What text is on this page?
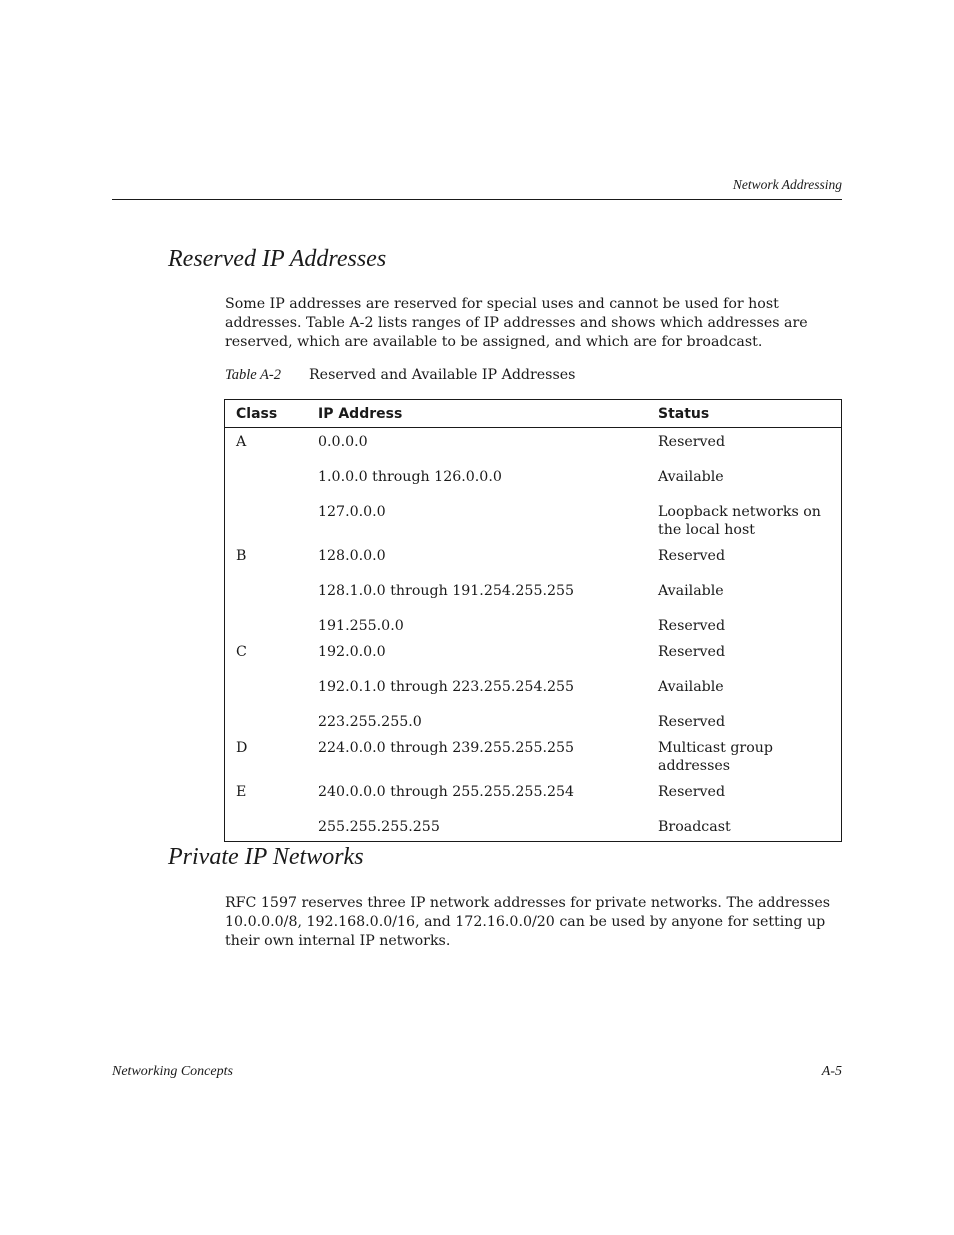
Network Addressing
Reserved IP Addresses

Some IP addresses are reserved for special uses and cannot be used for host addresses. Table A-2 lists ranges of IP addresses and shows which addresses are reserved, which are available to be assigned, and which are for broadcast.

Table A-2 Reserved and Available IP Addresses
Class	IP Address	Status
A	0.0.0.0	Reserved
	1.0.0.0 through 126.0.0.0	Available
	127.0.0.0	Loopback networks on the local host
B	128.0.0.0	Reserved
	128.1.0.0 through 191.254.255.255	Available
	191.255.0.0	Reserved
C	192.0.0.0	Reserved
	192.0.1.0 through 223.255.254.255	Available
	223.255.255.0	Reserved
D	224.0.0.0 through 239.255.255.255	Multicast group addresses
E	240.0.0.0 through 255.255.255.254	Reserved
	255.255.255.255	Broadcast
Private IP Networks

RFC 1597 reserves three IP network addresses for private networks. The addresses 10.0.0.0/8, 192.168.0.0/16, and 172.16.0.0/20 can be used by anyone for setting up their own internal IP networks.

Networking Concepts	A-5
